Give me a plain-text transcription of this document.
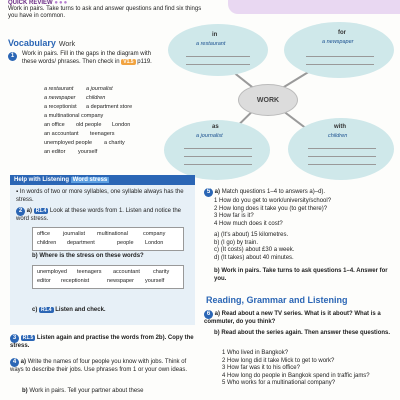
QUICK REVIEW ●●●
Work in pairs. Take turns to ask and answer questions and find six things you have in common.
Vocabulary Work
1	Work in pairs. Fill in the gaps in the diagram with these words/ phrases. Then check in V1.5 p119.
a restaurant a journalist
a newspaper children
a receptionist a department store
a multinational company
an office old people London
an accountant teenagers
unemployed people a charity
an editor yourself
WORK
in
a restaurant
for
a newspaper
as
a journalist
with
children
Help with Listening Word stress
▪ In words of two or more syllables, one syllable always has the stress.
2 a) R1.4 Look at these words from 1. Listen and notice the word stress.
office journalist multinational	company
children department	people London
b) Where is the stress on these words?
unemployed teenagers accountant charity
editor receptionist	newspaper yourself
c) R1.4 Listen and check.
3 R1.5 Listen again and practise the words from 2b). Copy the stress.
4 a) Write the names of four people you know with jobs. Think of ways to describe their jobs. Use phrases from 1 or your own ideas.
b) Work in pairs. Tell your partner about these
5 a) Match questions 1–4 to answers a)–d).
1 How do you get to work/university/school?
2 How long does it take you (to get there)?
3 How far is it?
4 How much does it cost?
a) (It's about) 15 kilometres.
b) (I go) by train.
c) (It costs) about £30 a week.
d) (It takes) about 40 minutes.
b) Work in pairs. Take turns to ask questions 1–4. Answer for you.
Reading, Grammar and Listening
6 a) Read about a new TV series. What is it about? What is a commuter, do you think?
b) Read about the series again. Then answer these questions.
1 Who lived in Bangkok?
2 How long did it take Mick to get to work?
3 How far was it to his office?
4 How long do people in Bangkok spend in traffic jams?
5 Who works for a multinational company?
